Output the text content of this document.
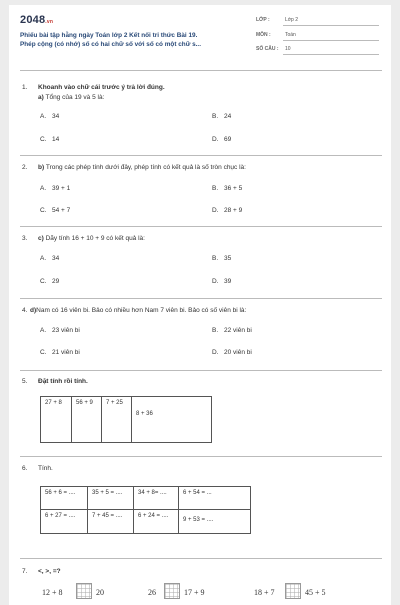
2048.vn
Phiếu bài tập hằng ngày Toán lớp 2 Kết nối tri thức Bài 19.
Phép cộng (có nhớ) số có hai chữ số với số có một chữ s...
LỚP :	Lớp 2
MÔN :	Toán
SỐ CÂU : 10
1. Khoanh vào chữ cái trước ý trả lời đúng.
a) Tổng của 19 và 5 là:
A. 34	B. 24
C. 14	D. 69
2. b) Trong các phép tính dưới đây, phép tính có kết quả là số tròn chục là:
A. 39 + 1	B. 36 + 5
C. 54 + 7	D. 28 + 9
3. c) Dãy tính 16 + 10 + 9 có kết quả là:
A. 34	B. 35
C. 29	D. 39
4. d)Nam có 16 viên bi. Bảo có nhiều hơn Nam 7 viên bi. Bảo có số viên bi là:
A. 23 viên bi	B. 22 viên bi
C. 21 viên bi	D. 20 viên bi
5. Đặt tính rồi tính.
27 + 8	56 + 9	7 + 25	8 + 36
6. Tính.
56 + 6 = ....	35 + 5 = ....	34 + 8= ....	6 + 54 = ...
6 + 27 = ....	7 + 45 = ....	6 + 24 = ....	9 + 53 = ....
7. <, >, =?
12 + 8	20	26	17 + 9	18 + 7	45 + 5
